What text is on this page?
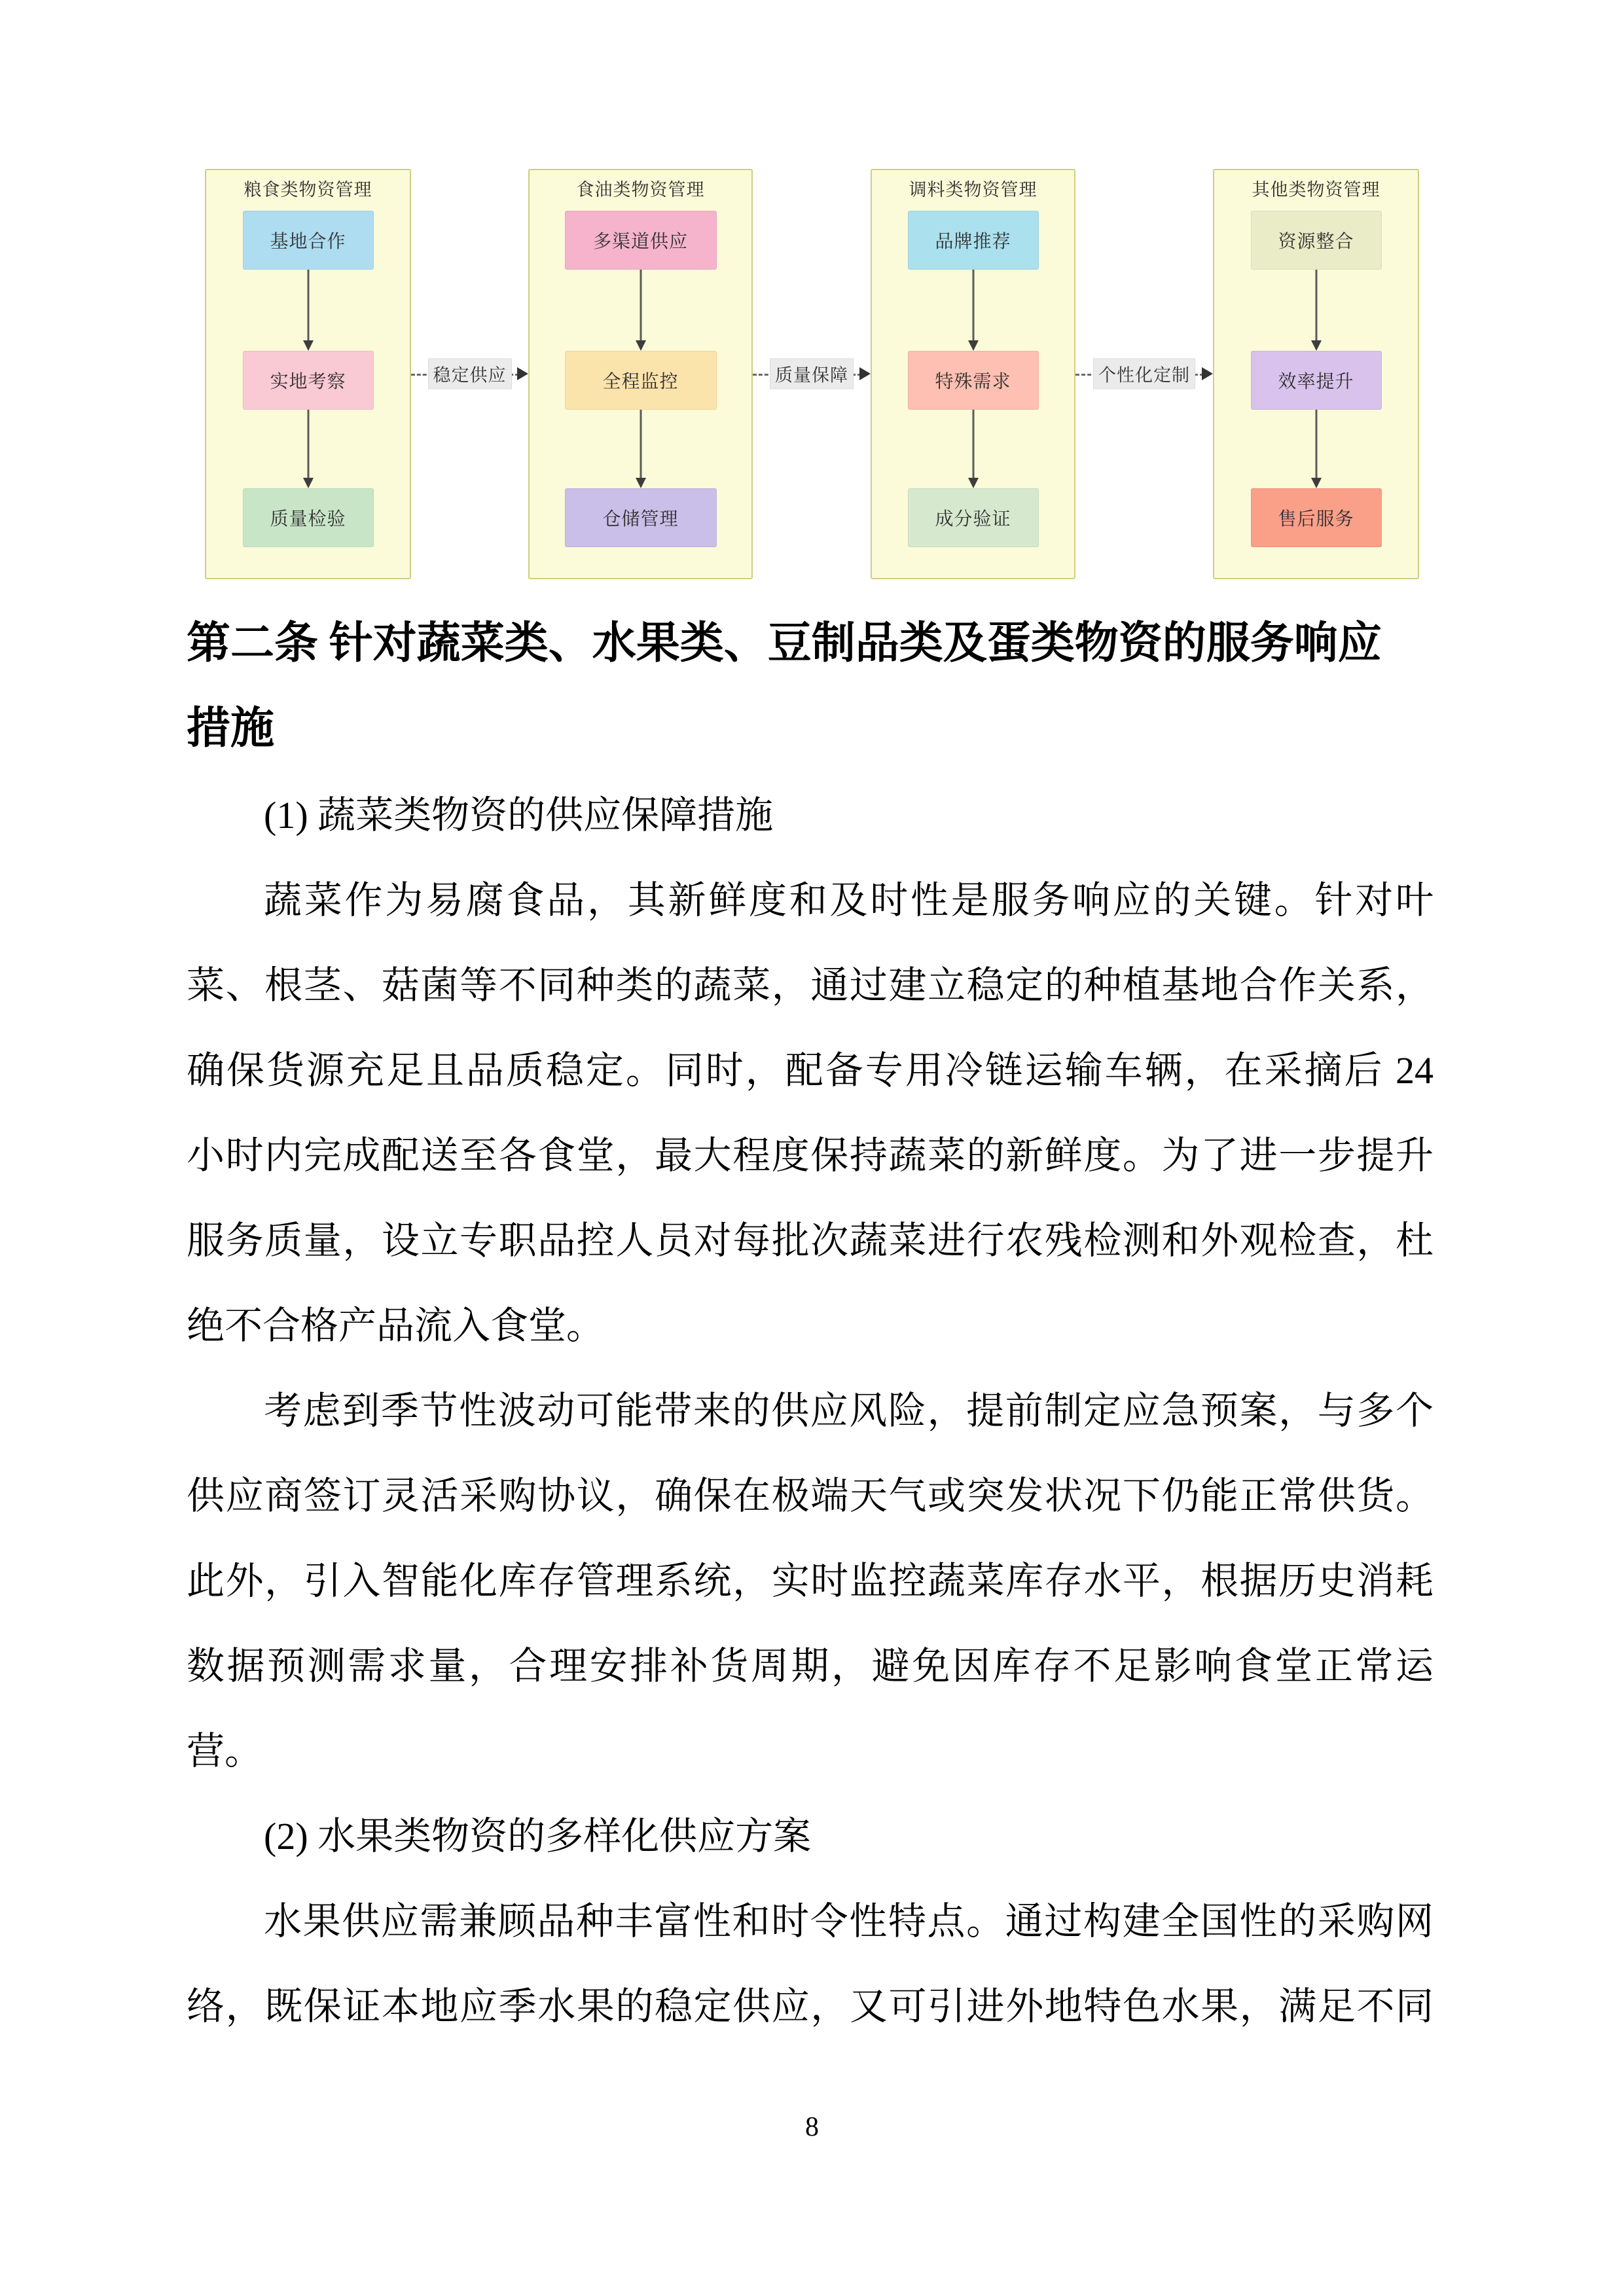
粮食类物资管理
基地合作
实地考察
质量检验
稳定供应
食油类物资管理
多渠道供应
全程监控
仓储管理
质量保障
调料类物资管理
品牌推荐
特殊需求
成分验证
个性化定制
其他类物资管理
资源整合
效率提升
售后服务
第二条 针对蔬菜类、水果类、豆制品类及蛋类物资的服务响应
措施
(1) 蔬菜类物资的供应保障措施
蔬菜作为易腐食品，其新鲜度和及时性是服务响应的关键。针对叶
菜、根茎、菇菌等不同种类的蔬菜，通过建立稳定的种植基地合作关系，
确保货源充足且品质稳定。同时，配备专用冷链运输车辆，在采摘后 24
小时内完成配送至各食堂，最大程度保持蔬菜的新鲜度。为了进一步提升
服务质量，设立专职品控人员对每批次蔬菜进行农残检测和外观检查，杜
绝不合格产品流入食堂。
考虑到季节性波动可能带来的供应风险，提前制定应急预案，与多个
供应商签订灵活采购协议，确保在极端天气或突发状况下仍能正常供货。
此外，引入智能化库存管理系统，实时监控蔬菜库存水平，根据历史消耗
数据预测需求量，合理安排补货周期，避免因库存不足影响食堂正常运
营。
(2) 水果类物资的多样化供应方案
水果供应需兼顾品种丰富性和时令性特点。通过构建全国性的采购网
络，既保证本地应季水果的稳定供应，又可引进外地特色水果，满足不同
8
